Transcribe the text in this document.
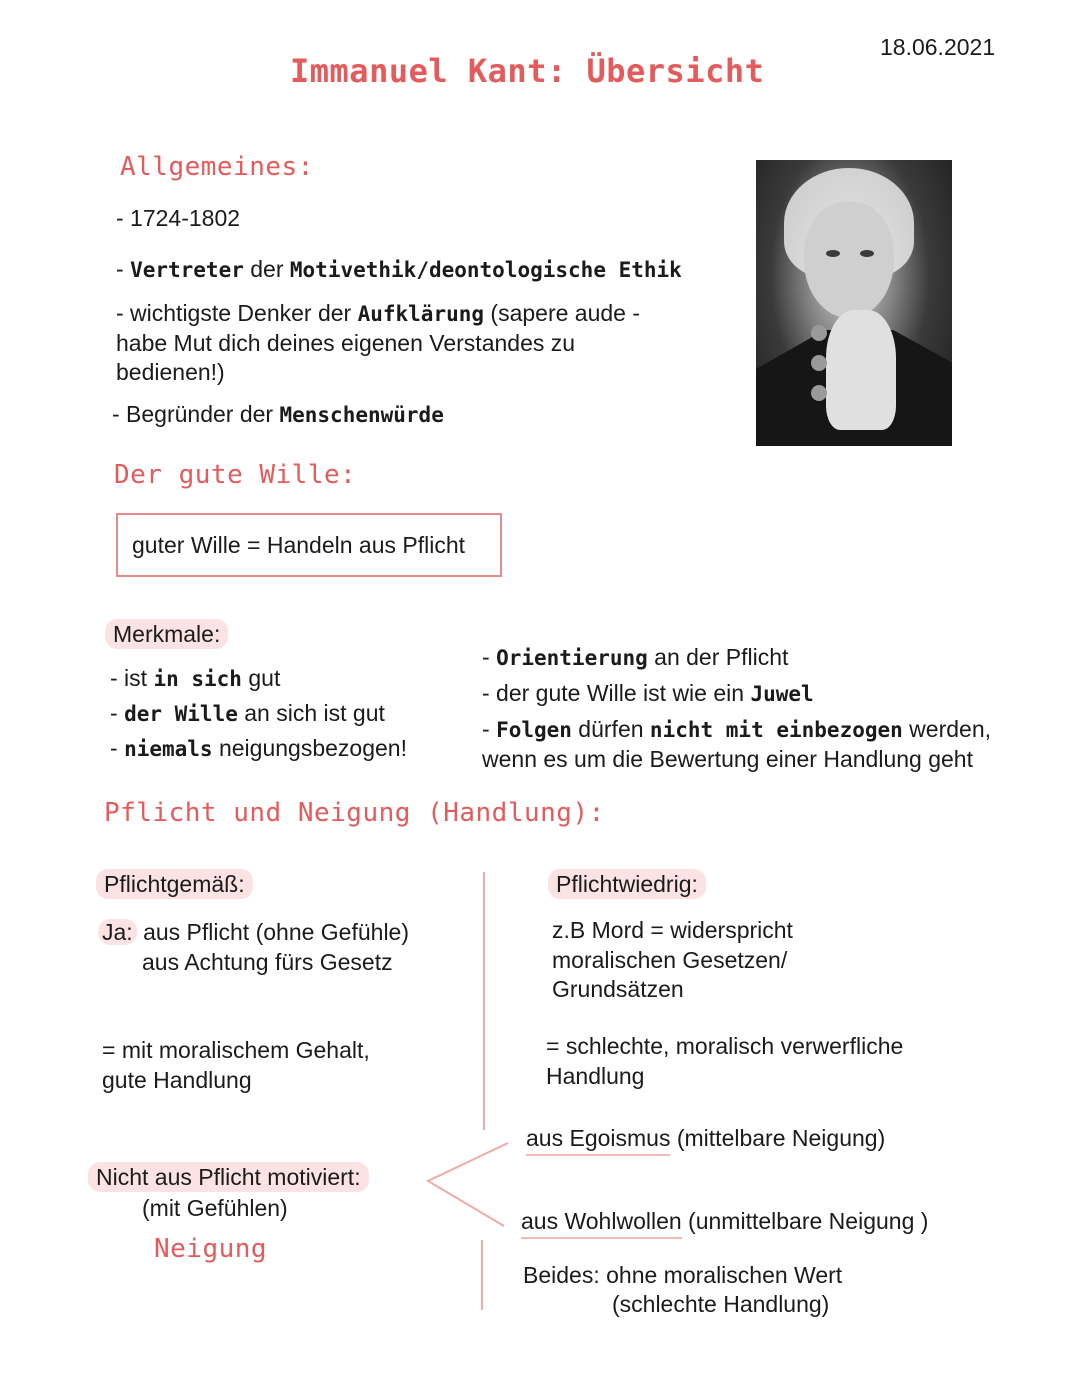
18.06.2021
Immanuel Kant: Übersicht
Allgemeines:
- 1724-1802
- Vertreter der Motivethik/deontologische Ethik
- wichtigste Denker der Aufklärung (sapere aude - habe Mut dich deines eigenen Verstandes zu bedienen!)
- Begründer der Menschenwürde
Der gute Wille:
guter Wille = Handeln aus Pflicht
Merkmale:
- ist in sich gut
- der Wille an sich ist gut
- niemals neigungsbezogen!
- Orientierung an der Pflicht
- der gute Wille ist wie ein Juwel
- Folgen dürfen nicht mit einbezogen werden,
wenn es um die Bewertung einer Handlung geht
Pflicht und Neigung (Handlung):
Pflichtgemäß:
Ja: aus Pflicht (ohne Gefühle)
aus Achtung fürs Gesetz
= mit moralischem Gehalt,
gute Handlung
Pflichtwiedrig:
z.B Mord = widerspricht
moralischen Gesetzen/
Grundsätzen
= schlechte, moralisch verwerfliche
Handlung
Nicht aus Pflicht motiviert:
(mit Gefühlen)
Neigung
aus Egoismus (mittelbare Neigung)
aus Wohlwollen (unmittelbare Neigung )
Beides: ohne moralischen Wert
(schlechte Handlung)
